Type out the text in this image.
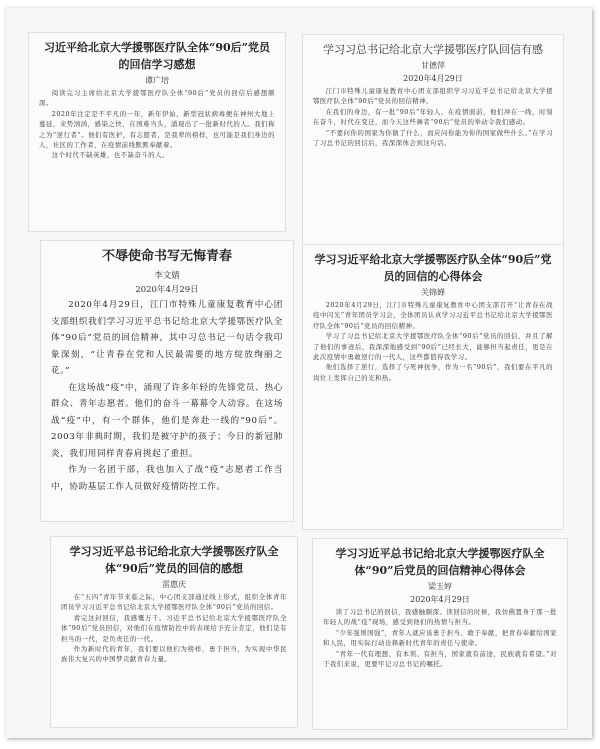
习近平给北京大学援鄂医疗队全体“90后”党员的回信学习感想
谭广培

阅读完习主席给北京大学援鄂医疗队全体“90后”党员的回信后感想颇深。

2020年注定是不平凡的一年，新年伊始，新型冠状病毒便在神州大地上蔓延，来势汹汹，感染之快，在国难当头，涌现出了一批新时代的人。我们称之为“逆行者”。他们有医护，有志愿者，是我辈的榜样，也可能是我们身边的人，社区的工作者，在疫情前线默默奉献着。

这个时代不缺英雄，也不缺奋斗的人。

学习习总书记给北京大学援鄂医疗队回信有感
甘德萍
2020年4月29日

江门市特殊儿童康复教育中心团支部组织学习习近平总书记给北京大学援鄂医疗队全体“90后”党员的回信精神。

在我们的身边，有一批“90后”年轻人，在疫情面前，他们冲在一线，时刻在奋斗，时代在变迁，而今天这些舞者“90后”党员的举动令我们感动。

“不要问你的国家为你做了什么，而应问你能为你的国家做些什么。”在学习了习总书记的回信后，我深深体会到这句话。

不辱使命书写无悔青春
李文婧
2020年4月29日

2020年4月29日，江门市特殊儿童康复教育中心团支部组织我们学习习近平总书记给北京大学援鄂医疗队全体“90后”党员的回信精神，其中习总书记一句话令我印象深刻，“让青春在党和人民最需要的地方绽放绚丽之花。”

在这场战“疫”中，涌现了许多年轻的先锋党员、热心群众、青年志愿者。他们的奋斗一幕幕令人动容。在这场战“疫”中，有一个群体，他们是奔赴一线的“90后”。2003年非典时期，我们是被守护的孩子；今日的新冠肺炎，我们用同样青春肩挑起了重担。

作为一名团干部，我也加入了战“疫”志愿者工作当中，协助基层工作人员做好疫情防控工作。

学习习近平给北京大学援鄂医疗队全体“90后”党员的回信的心得体会
关锦婵

2020年4月29日，江门市特殊儿童康复教育中心团支部召开“让青春在战疫中闪光”青年团员学习会，全体团员认真学习习近平总书记给北京大学援鄂医疗队全体“90后”党员的回信精神。

学习了习总书记给北京大学援鄂医疗队全体“90后”党员的回信，并且了解了他们的事迹后，我深深地感受到“90后”已经长大，能够担当起责任，更是在此次疫情中勇敢逆行的一代人，这些都值得我学习。

他们选择了逆行，选择了与死神抗争，作为一名“90后”，我们要在平凡的岗位上发挥自己的光和热。

学习习近平总书记给北京大学援鄂医疗队全体“90后”党员的回信的感想
雷惠庆

在“五四”青年节来临之际，中心团支部通过线上形式，组织全体青年团员学习习近平总书记给北京大学援鄂医疗队全体“90后”党员的回信。

看完这封回信，我感慨万千。习近平总书记给北京大学援鄂医疗队全体“90后”党员回信，对他们在疫情防控中的表现给予充分肯定，他们是有担当的一代，是负责任的一代。

作为新时代的青年，我们要以他们为榜样，勇于担当，为实现中华民族伟大复兴的中国梦贡献青春力量。

学习习近平总书记给北京大学援鄂医疗队全体“90”后党员的回信精神心得体会
梁玉婷
2020年4月29日

读了习总书记的回信，我感触颇深。读回信的时候，我仿佛置身于那一批年轻人的战“疫”现场，感受到他们的热情与担当。

“少年强则国强”，青年人就应该勇于担当、敢于奉献，把青春奉献给国家和人民，用实际行动诠释新时代青年的责任与使命。

“青年一代有理想、有本领、有担当，国家就有前途，民族就有希望。”对于我们来说，更要牢记习总书记的嘱托。
